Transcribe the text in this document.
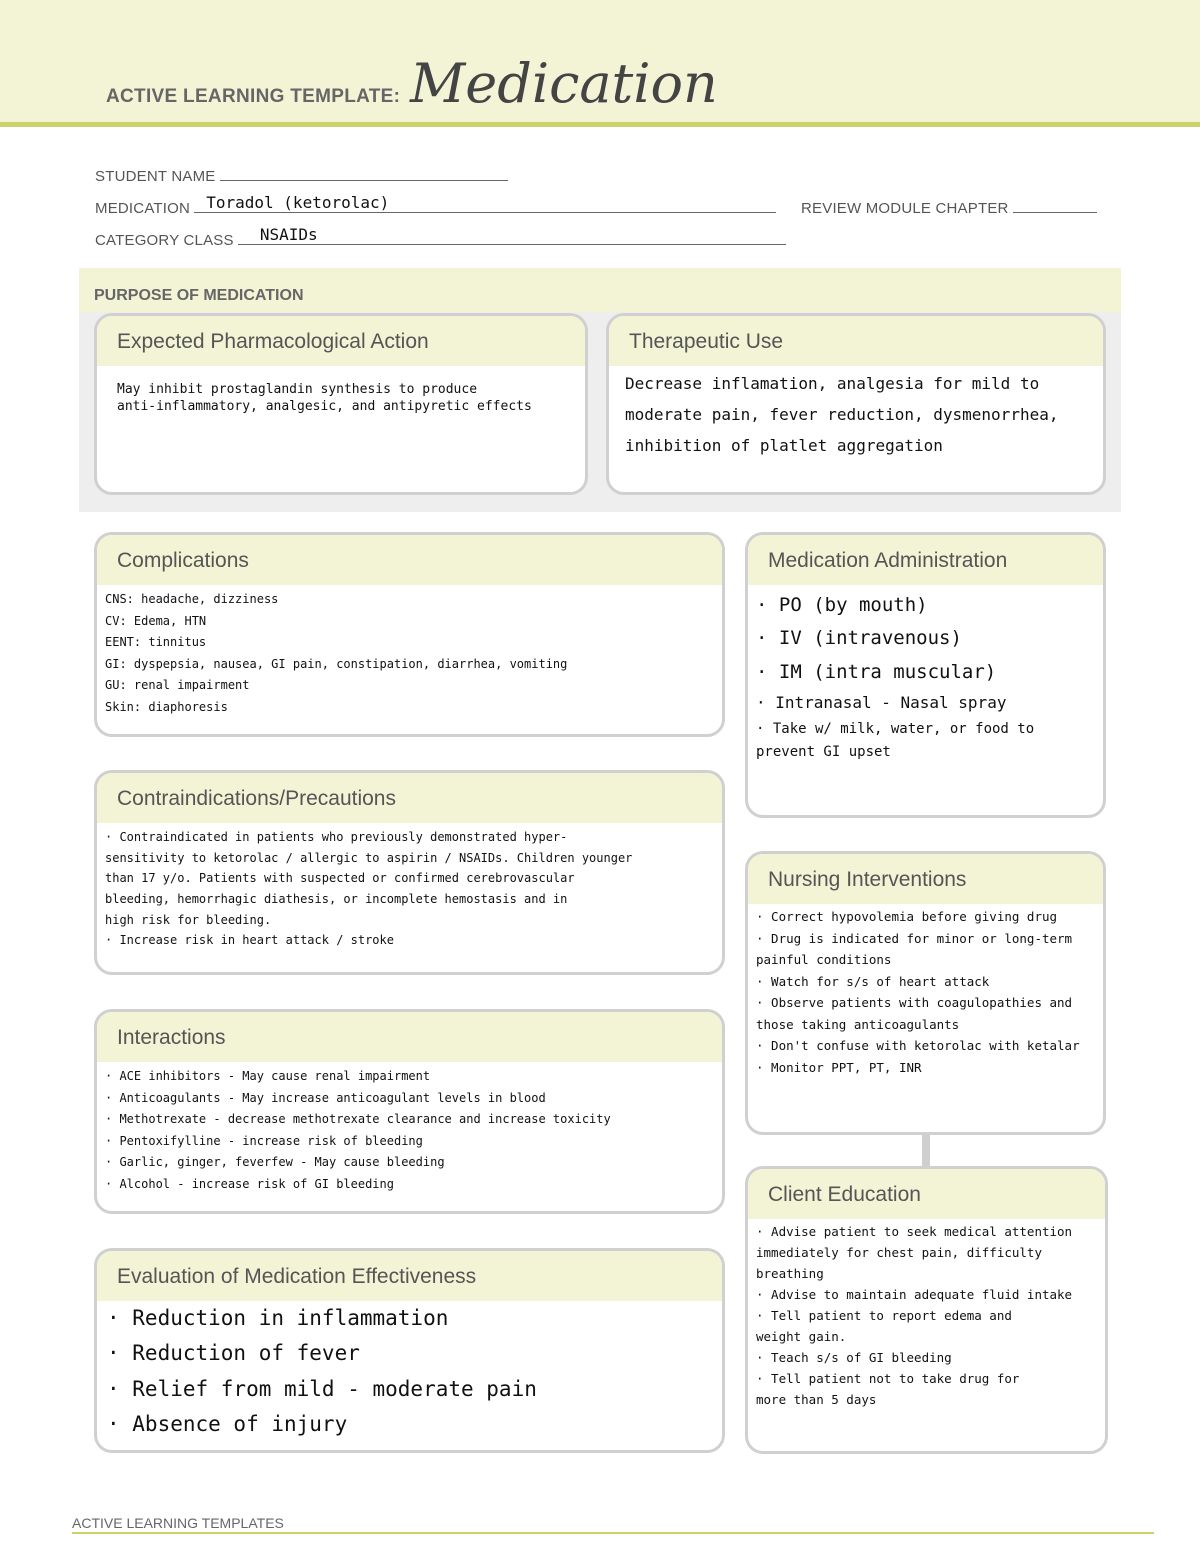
ACTIVE LEARNING TEMPLATE: Medication
STUDENT NAME
MEDICATION Toradol (ketorolac)	REVIEW MODULE CHAPTER
CATEGORY CLASS NSAIDs
PURPOSE OF MEDICATION
Expected Pharmacological Action
May inhibit prostaglandin synthesis to produce
anti-inflammatory, analgesic, and antipyretic effects
Therapeutic Use
Decrease inflamation, analgesia for mild to
moderate pain, fever reduction, dysmenorrhea,
inhibition of platlet aggregation
Complications
CNS: headache, dizziness
CV: Edema, HTN
EENT: tinnitus
GI: dyspepsia, nausea, GI pain, constipation, diarrhea, vomiting
GU: renal impairment
Skin: diaphoresis
Contraindications/Precautions
· Contraindicated in patients who previously demonstrated hyper-
sensitivity to ketorolac / allergic to aspirin / NSAIDs. Children younger
than 17 y/o. Patients with suspected or confirmed cerebrovascular
bleeding, hemorrhagic diathesis, or incomplete hemostasis and in
high risk for bleeding.
· Increase risk in heart attack / stroke
Interactions
· ACE inhibitors - May cause renal impairment
· Anticoagulants - May increase anticoagulant levels in blood
· Methotrexate - decrease methotrexate clearance and increase toxicity
· Pentoxifylline - increase risk of bleeding
· Garlic, ginger, feverfew - May cause bleeding
· Alcohol - increase risk of GI bleeding
Evaluation of Medication Effectiveness
· Reduction in inflammation
· Reduction of fever
· Relief from mild - moderate pain
· Absence of injury
Medication Administration
· PO (by mouth)
· IV (intravenous)
· IM (intra muscular)
· Intranasal - Nasal spray
· Take w/ milk, water, or food to
prevent GI upset
Nursing Interventions
· Correct hypovolemia before giving drug
· Drug is indicated for minor or long-term
painful conditions
· Watch for s/s of heart attack
· Observe patients with coagulopathies and
those taking anticoagulants
· Don't confuse with ketorolac with ketalar
· Monitor PPT, PT, INR
Client Education
· Advise patient to seek medical attention
immediately for chest pain, difficulty
breathing
· Advise to maintain adequate fluid intake
· Tell patient to report edema and
weight gain.
· Teach s/s of GI bleeding
· Tell patient not to take drug for
more than 5 days
ACTIVE LEARNING TEMPLATES
